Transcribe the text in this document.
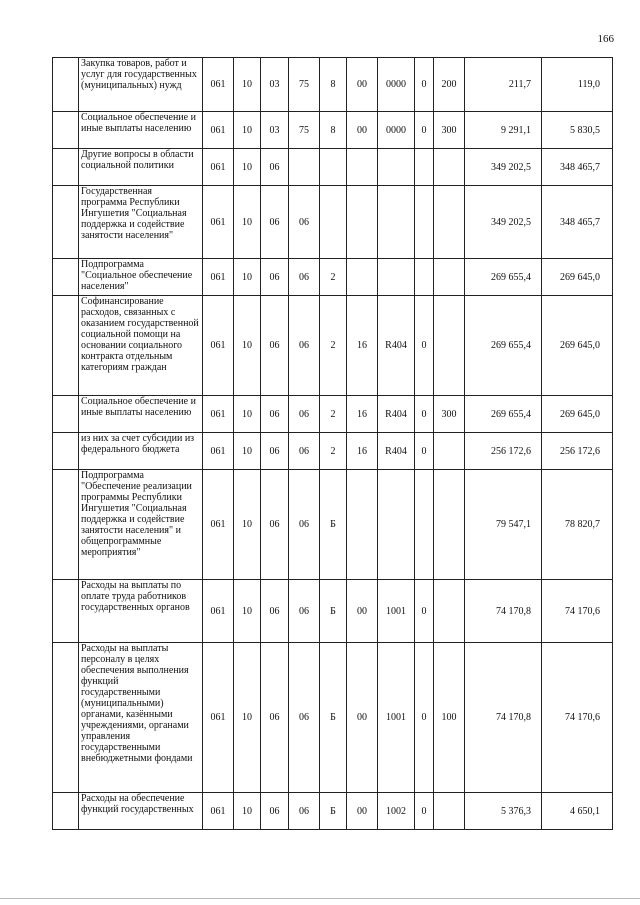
166
	Закупка товаров, работ и услуг для государственных (муниципальных) нужд	061	10	03	75	8	00	0000	0	200	211,7	119,0
	Социальное обеспечение и иные выплаты населению	061	10	03	75	8	00	0000	0	300	9 291,1	5 830,5
	Другие вопросы в области социальной политики	061	10	06							349 202,5	348 465,7
	Государственная программа Республики Ингушетия "Социальная поддержка и содействие занятости населения"	061	10	06	06						349 202,5	348 465,7
	Подпрограмма "Социальное обеспечение населения"	061	10	06	06	2					269 655,4	269 645,0
	Софинансирование расходов, связанных с оказанием государственной социальной помощи на основании социального контракта отдельным категориям граждан	061	10	06	06	2	16	R404	0		269 655,4	269 645,0
	Социальное обеспечение и иные выплаты населению	061	10	06	06	2	16	R404	0	300	269 655,4	269 645,0
	из них за счет субсидии из федерального бюджета	061	10	06	06	2	16	R404	0		256 172,6	256 172,6
	Подпрограмма "Обеспечение реализации программы Республики Ингушетия "Социальная поддержка и содействие занятости населения" и общепрограммные мероприятия"	061	10	06	06	Б					79 547,1	78 820,7
	Расходы на выплаты по оплате труда работников государственных органов	061	10	06	06	Б	00	1001	0		74 170,8	74 170,6
	Расходы на выплаты персоналу в целях обеспечения выполнения функций государственными (муниципальными) органами, казёнными учреждениями, органами управления государственными внебюджетными фондами	061	10	06	06	Б	00	1001	0	100	74 170,8	74 170,6
	Расходы на обеспечение функций государственных	061	10	06	06	Б	00	1002	0		5 376,3	4 650,1
